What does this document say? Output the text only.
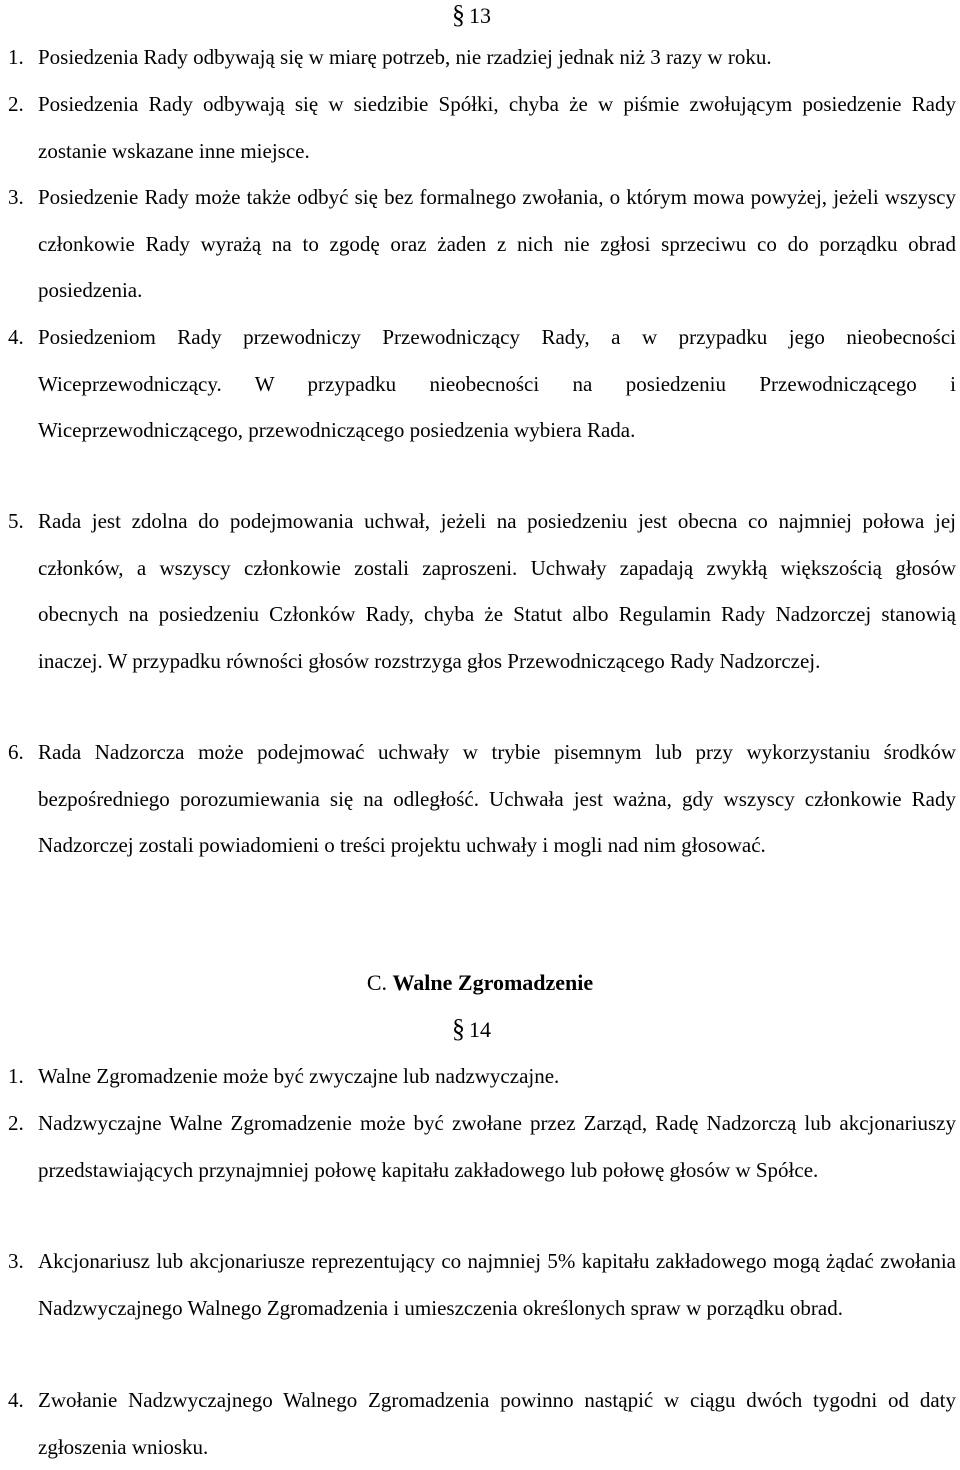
§ 13
1. Posiedzenia Rady odbywają się w miarę potrzeb, nie rzadziej jednak niż 3 razy w roku.
2. Posiedzenia Rady odbywają się w siedzibie Spółki, chyba że w piśmie zwołującym posiedzenie Rady zostanie wskazane inne miejsce.
3. Posiedzenie Rady może także odbyć się bez formalnego zwołania, o którym mowa powyżej, jeżeli wszyscy członkowie Rady wyrażą na to zgodę oraz żaden z nich nie zgłosi sprzeciwu co do porządku obrad posiedzenia.
4. Posiedzeniom Rady przewodniczy Przewodniczący Rady, a w przypadku jego nieobecności Wiceprzewodniczący. W przypadku nieobecności na posiedzeniu Przewodniczącego i Wiceprzewodniczącego, przewodniczącego posiedzenia wybiera Rada.
5. Rada jest zdolna do podejmowania uchwał, jeżeli na posiedzeniu jest obecna co najmniej połowa jej członków, a wszyscy członkowie zostali zaproszeni. Uchwały zapadają zwykłą większością głosów obecnych na posiedzeniu Członków Rady, chyba że Statut albo Regulamin Rady Nadzorczej stanowią inaczej. W przypadku równości głosów rozstrzyga głos Przewodniczącego Rady Nadzorczej.
6. Rada Nadzorcza może podejmować uchwały w trybie pisemnym lub przy wykorzystaniu środków bezpośredniego porozumiewania się na odległość. Uchwała jest ważna, gdy wszyscy członkowie Rady Nadzorczej zostali powiadomieni o treści projektu uchwały i mogli nad nim głosować.
C. Walne Zgromadzenie
§ 14
1. Walne Zgromadzenie może być zwyczajne lub nadzwyczajne.
2. Nadzwyczajne Walne Zgromadzenie może być zwołane przez Zarząd, Radę Nadzorczą lub akcjonariuszy przedstawiających przynajmniej połowę kapitału zakładowego lub połowę głosów w Spółce.
3. Akcjonariusz lub akcjonariusze reprezentujący co najmniej 5% kapitału zakładowego mogą żądać zwołania Nadzwyczajnego Walnego Zgromadzenia i umieszczenia określonych spraw w porządku obrad.
4. Zwołanie Nadzwyczajnego Walnego Zgromadzenia powinno nastąpić w ciągu dwóch tygodni od daty zgłoszenia wniosku.
